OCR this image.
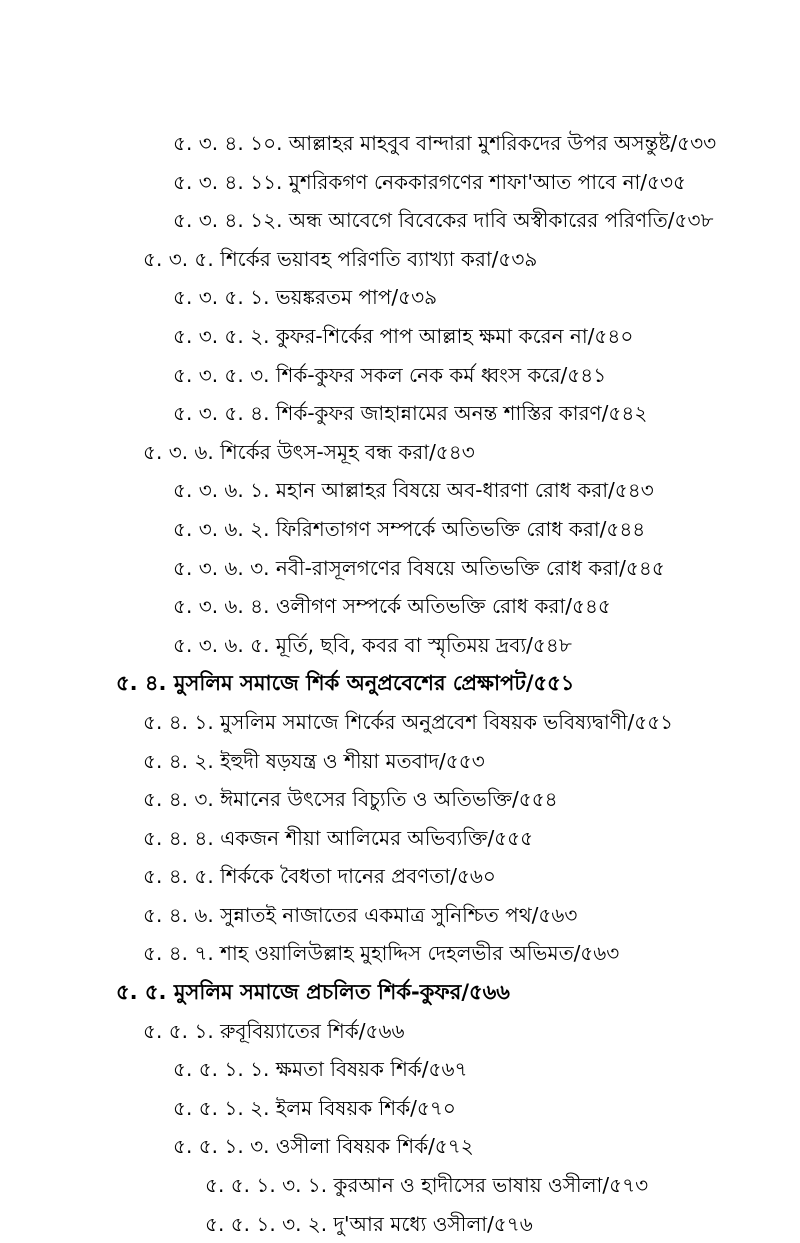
৫. ৩. ৪. ১০. আল্লাহর মাহবুব বান্দারা মুশরিকদের উপর অসন্তুষ্ট/৫৩৩
৫. ৩. ৪. ১১. মুশরিকগণ নেককারগণের শাফা'আত পাবে না/৫৩৫
৫. ৩. ৪. ১২. অন্ধ আবেগে বিবেকের দাবি অস্বীকারের পরিণতি/৫৩৮
৫. ৩. ৫. শির্কের ভয়াবহ পরিণতি ব্যাখ্যা করা/৫৩৯
৫. ৩. ৫. ১. ভয়ঙ্করতম পাপ/৫৩৯
৫. ৩. ৫. ২. কুফর-শির্কের পাপ আল্লাহ ক্ষমা করেন না/৫৪০
৫. ৩. ৫. ৩. শির্ক-কুফর সকল নেক কর্ম ধ্বংস করে/৫৪১
৫. ৩. ৫. ৪. শির্ক-কুফর জাহান্নামের অনন্ত শাস্তির কারণ/৫৪২
৫. ৩. ৬. শির্কের উৎস-সমূহ বন্ধ করা/৫৪৩
৫. ৩. ৬. ১. মহান আল্লাহর বিষয়ে অব-ধারণা রোধ করা/৫৪৩
৫. ৩. ৬. ২. ফিরিশতাগণ সম্পর্কে অতিভক্তি রোধ করা/৫৪৪
৫. ৩. ৬. ৩. নবী-রাসূলগণের বিষয়ে অতিভক্তি রোধ করা/৫৪৫
৫. ৩. ৬. ৪. ওলীগণ সম্পর্কে অতিভক্তি রোধ করা/৫৪৫
৫. ৩. ৬. ৫. মূর্তি, ছবি, কবর বা স্মৃতিময় দ্রব্য/৫৪৮
৫. ৪. মুসলিম সমাজে শির্ক অনুপ্রবেশের প্রেক্ষাপট/৫৫১
৫. ৪. ১. মুসলিম সমাজে শির্কের অনুপ্রবেশ বিষয়ক ভবিষ্যদ্বাণী/৫৫১
৫. ৪. ২. ইহুদী ষড়যন্ত্র ও শীয়া মতবাদ/৫৫৩
৫. ৪. ৩. ঈমানের উৎসের বিচ্যুতি ও অতিভক্তি/৫৫৪
৫. ৪. ৪. একজন শীয়া আলিমের অভিব্যক্তি/৫৫৫
৫. ৪. ৫. শির্ককে বৈধতা দানের প্রবণতা/৫৬০
৫. ৪. ৬. সুন্নাতই নাজাতের একমাত্র সুনিশ্চিত পথ/৫৬৩
৫. ৪. ৭. শাহ ওয়ালিউল্লাহ মুহাদ্দিস দেহলভীর অভিমত/৫৬৩
৫. ৫. মুসলিম সমাজে প্রচলিত শির্ক-কুফর/৫৬৬
৫. ৫. ১. রুবূবিয়্যাতের শির্ক/৫৬৬
৫. ৫. ১. ১. ক্ষমতা বিষয়ক শির্ক/৫৬৭
৫. ৫. ১. ২. ইলম বিষয়ক শির্ক/৫৭০
৫. ৫. ১. ৩. ওসীলা বিষয়ক শির্ক/৫৭২
৫. ৫. ১. ৩. ১. কুরআন ও হাদীসের ভাষায় ওসীলা/৫৭৩
৫. ৫. ১. ৩. ২. দু'আর মধ্যে ওসীলা/৫৭৬
